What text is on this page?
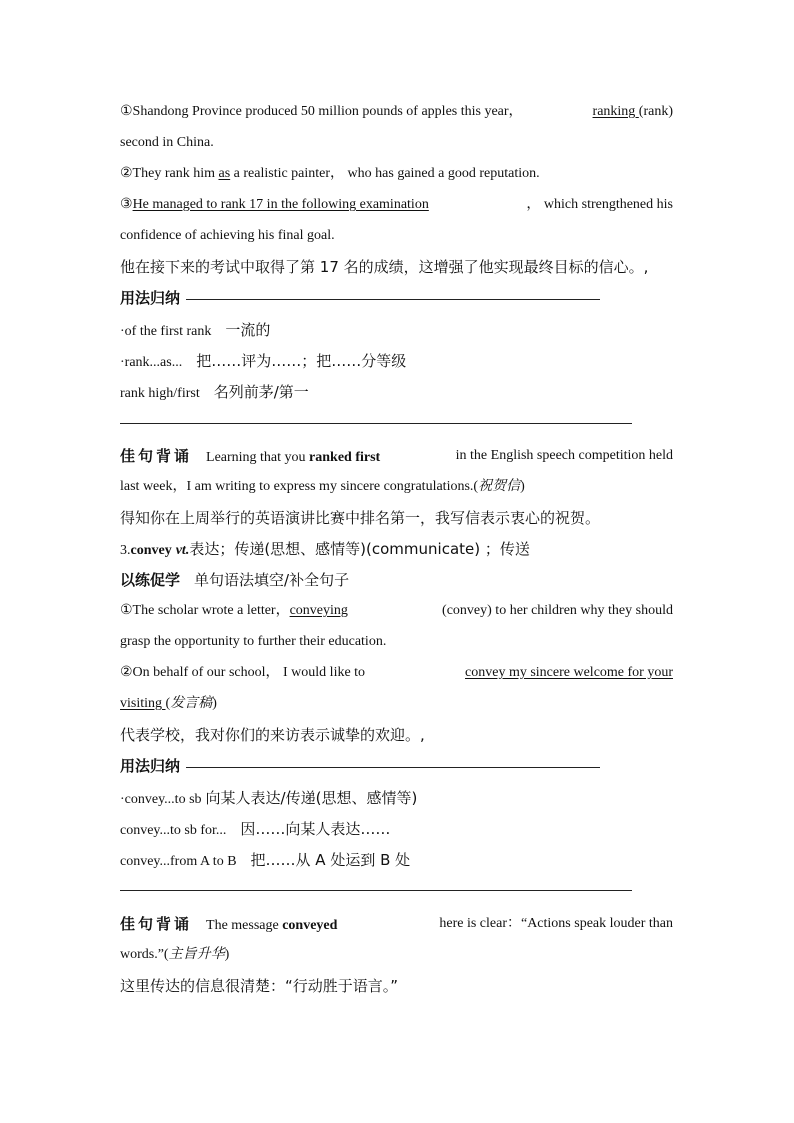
①Shandong Province produced 50 million pounds of apples this year，	ranking (rank)
second in China.
②They rank him as a realistic painter， who has gained a good reputation.
③He managed to rank 17 in the following examination	， which strengthened his
confidence of achieving his final goal.
他在接下来的考试中取得了第 17 名的成绩，这增强了他实现最终目标的信心。,
用法归纳
·of the first rank 一流的
·rank...as... 把……评为……；把……分等级
rank high/first 名列前茅/第一
佳句背诵 Learning that you ranked first	in the English speech competition held
last week，I am writing to express my sincere congratulations.(祝贺信)
得知你在上周举行的英语演讲比赛中排名第一，我写信表示衷心的祝贺。
3.convey vt.表达；传递(思想、感情等)(communicate) ；传送
以练促学 单句语法填空/补全句子
①The scholar wrote a letter，conveying	(convey) to her children why they should
grasp the opportunity to further their education.
②On behalf of our school， I would like to	convey my sincere welcome for your
visiting (发言稿)
代表学校，我对你们的来访表示诚挚的欢迎。,
用法归纳
·convey...to sb 向某人表达/传递(思想、感情等)
convey...to sb for... 因……向某人表达……
convey...from A to B 把……从 A 处运到 B 处
佳句背诵 The message conveyed	here is clear：“Actions speak louder than
words.”(主旨升华)
这里传达的信息很清楚：“行动胜于语言。”
